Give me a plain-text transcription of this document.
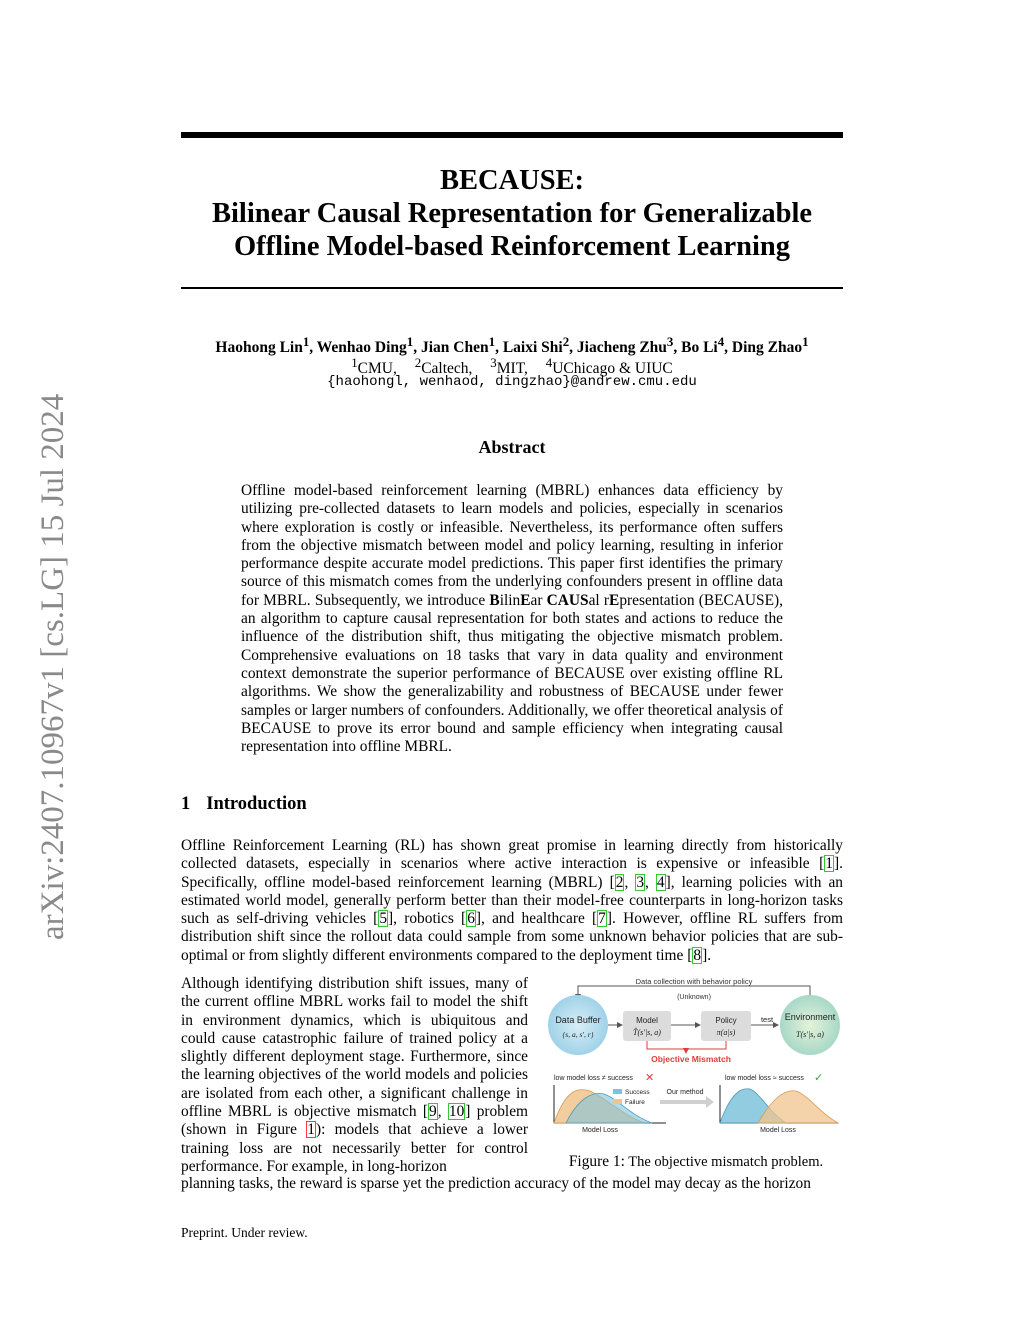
arXiv:2407.10967v1 [cs.LG] 15 Jul 2024
BECAUSE:
Bilinear Causal Representation for Generalizable
Offline Model-based Reinforcement Learning
Haohong Lin$^1$, Wenhao Ding$^1$, Jian Chen$^1$, Laixi Shi$^2$, Jiacheng Zhu$^3$, Bo Li$^4$, Ding Zhao$^1$
$^1$CMU, $^2$Caltech, $^3$MIT, $^4$UChicago & UIUC
{haohongl, wenhaod, dingzhao}@andrew.cmu.edu
Abstract
Offline model-based reinforcement learning (MBRL) enhances data efficiency by utilizing pre-collected datasets to learn models and policies, especially in scenarios where exploration is costly or infeasible. Nevertheless, its performance often suffers from the objective mismatch between model and policy learning, resulting in inferior performance despite accurate model predictions. This paper first identifies the primary source of this mismatch comes from the underlying confounders present in offline data for MBRL. Subsequently, we introduce BilinEar CAUSal rEpresentation (BECAUSE), an algorithm to capture causal representation for both states and actions to reduce the influence of the distribution shift, thus mitigating the objective mismatch problem. Comprehensive evaluations on 18 tasks that vary in data quality and environment context demonstrate the superior performance of BECAUSE over existing offline RL algorithms. We show the generalizability and robustness of BECAUSE under fewer samples or larger numbers of confounders. Additionally, we offer theoretical analysis of BECAUSE to prove its error bound and sample efficiency when integrating causal representation into offline MBRL.
1 Introduction
Offline Reinforcement Learning (RL) has shown great promise in learning directly from historically collected datasets, especially in scenarios where active interaction is expensive or infeasible [1]. Specifically, offline model-based reinforcement learning (MBRL) [2, 3, 4], learning policies with an estimated world model, generally perform better than their model-free counterparts in long-horizon tasks such as self-driving vehicles [5], robotics [6], and healthcare [7]. However, offline RL suffers from distribution shift since the rollout data could sample from some unknown behavior policies that are sub-optimal or from slightly different environments compared to the deployment time [8].
Although identifying distribution shift issues, many of the current offline MBRL works fail to model the shift in environment dynamics, which is ubiquitous and could cause catastrophic failure of trained policy at a slightly different deployment stage. Furthermore, since the learning objectives of the world models and policies are isolated from each other, a significant challenge in offline MBRL is objective mismatch [9, 10] problem (shown in Figure 1): models that achieve a lower training loss are not necessarily better for control performance. For example, in long-horizon
planning tasks, the reward is sparse yet the prediction accuracy of the model may decay as the horizon
Data collection with behavior policy
(Unknown)
Data Buffer
{s, a, s', r}
Model
T̂(s'|s, a)
Policy
π(a|s)
test Environment
T(s'|s, a)
Objective Mismatch
low model loss ≠ success ✕
Success
Failure
Model Loss
Our method
low model loss ≈ success ✓
Model Loss
Figure 1: The objective mismatch problem.
Preprint. Under review.
